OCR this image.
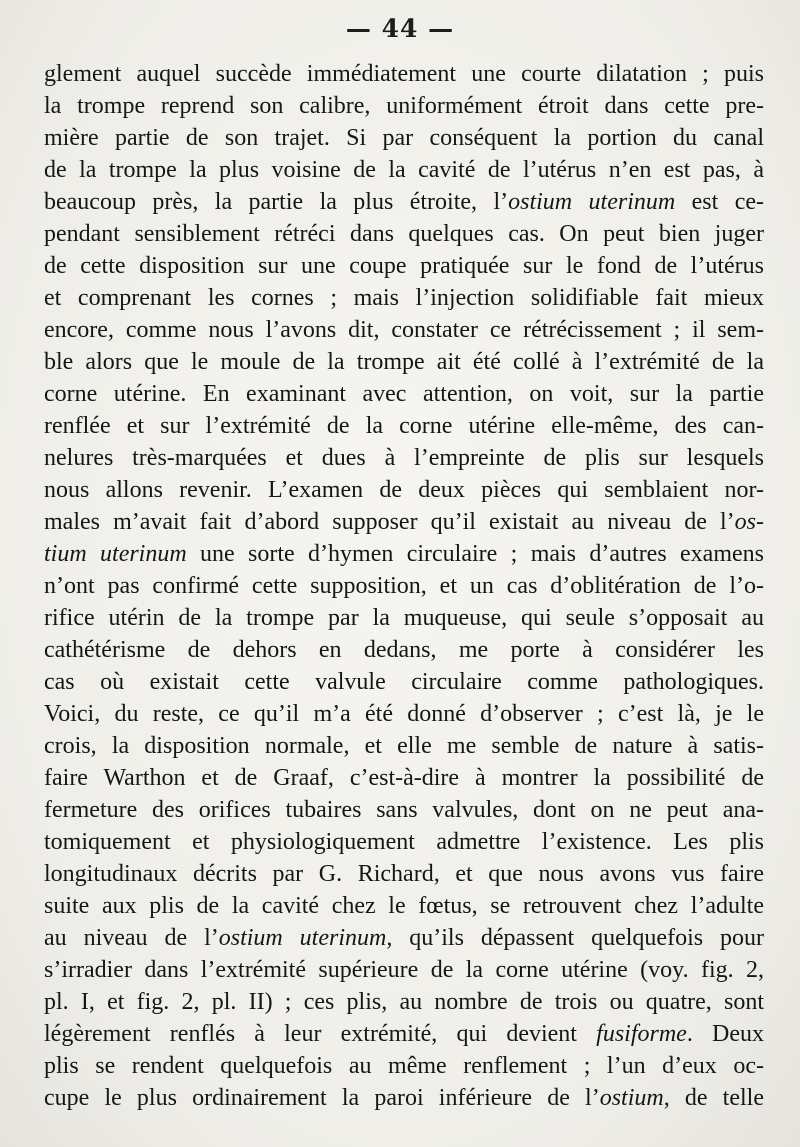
— 44 —
glement auquel succède immédiatement une courte dilatation ; puis
la trompe reprend son calibre, uniformément étroit dans cette pre-
mière partie de son trajet. Si par conséquent la portion du canal
de la trompe la plus voisine de la cavité de l’utérus n’en est pas, à
beaucoup près, la partie la plus étroite, l’ostium uterinum est ce-
pendant sensiblement rétréci dans quelques cas. On peut bien juger
de cette disposition sur une coupe pratiquée sur le fond de l’utérus
et comprenant les cornes ; mais l’injection solidifiable fait mieux
encore, comme nous l’avons dit, constater ce rétrécissement ; il sem-
ble alors que le moule de la trompe ait été collé à l’extrémité de la
corne utérine. En examinant avec attention, on voit, sur la partie
renflée et sur l’extrémité de la corne utérine elle-même, des can-
nelures très-marquées et dues à l’empreinte de plis sur lesquels
nous allons revenir. L’examen de deux pièces qui semblaient nor-
males m’avait fait d’abord supposer qu’il existait au niveau de l’os-
tium uterinum une sorte d’hymen circulaire ; mais d’autres examens
n’ont pas confirmé cette supposition, et un cas d’oblitération de l’o-
rifice utérin de la trompe par la muqueuse, qui seule s’opposait au
cathétérisme de dehors en dedans, me porte à considérer les
cas où existait cette valvule circulaire comme pathologiques.
Voici, du reste, ce qu’il m’a été donné d’observer ; c’est là, je le
crois, la disposition normale, et elle me semble de nature à satis-
faire Warthon et de Graaf, c’est-à-dire à montrer la possibilité de
fermeture des orifices tubaires sans valvules, dont on ne peut ana-
tomiquement et physiologiquement admettre l’existence. Les plis
longitudinaux décrits par G. Richard, et que nous avons vus faire
suite aux plis de la cavité chez le fœtus, se retrouvent chez l’adulte
au niveau de l’ostium uterinum, qu’ils dépassent quelquefois pour
s’irradier dans l’extrémité supérieure de la corne utérine (voy. fig. 2,
pl. I, et fig. 2, pl. II) ; ces plis, au nombre de trois ou quatre, sont
légèrement renflés à leur extrémité, qui devient fusiforme. Deux
plis se rendent quelquefois au même renflement ; l’un d’eux oc-
cupe le plus ordinairement la paroi inférieure de l’ostium, de telle
